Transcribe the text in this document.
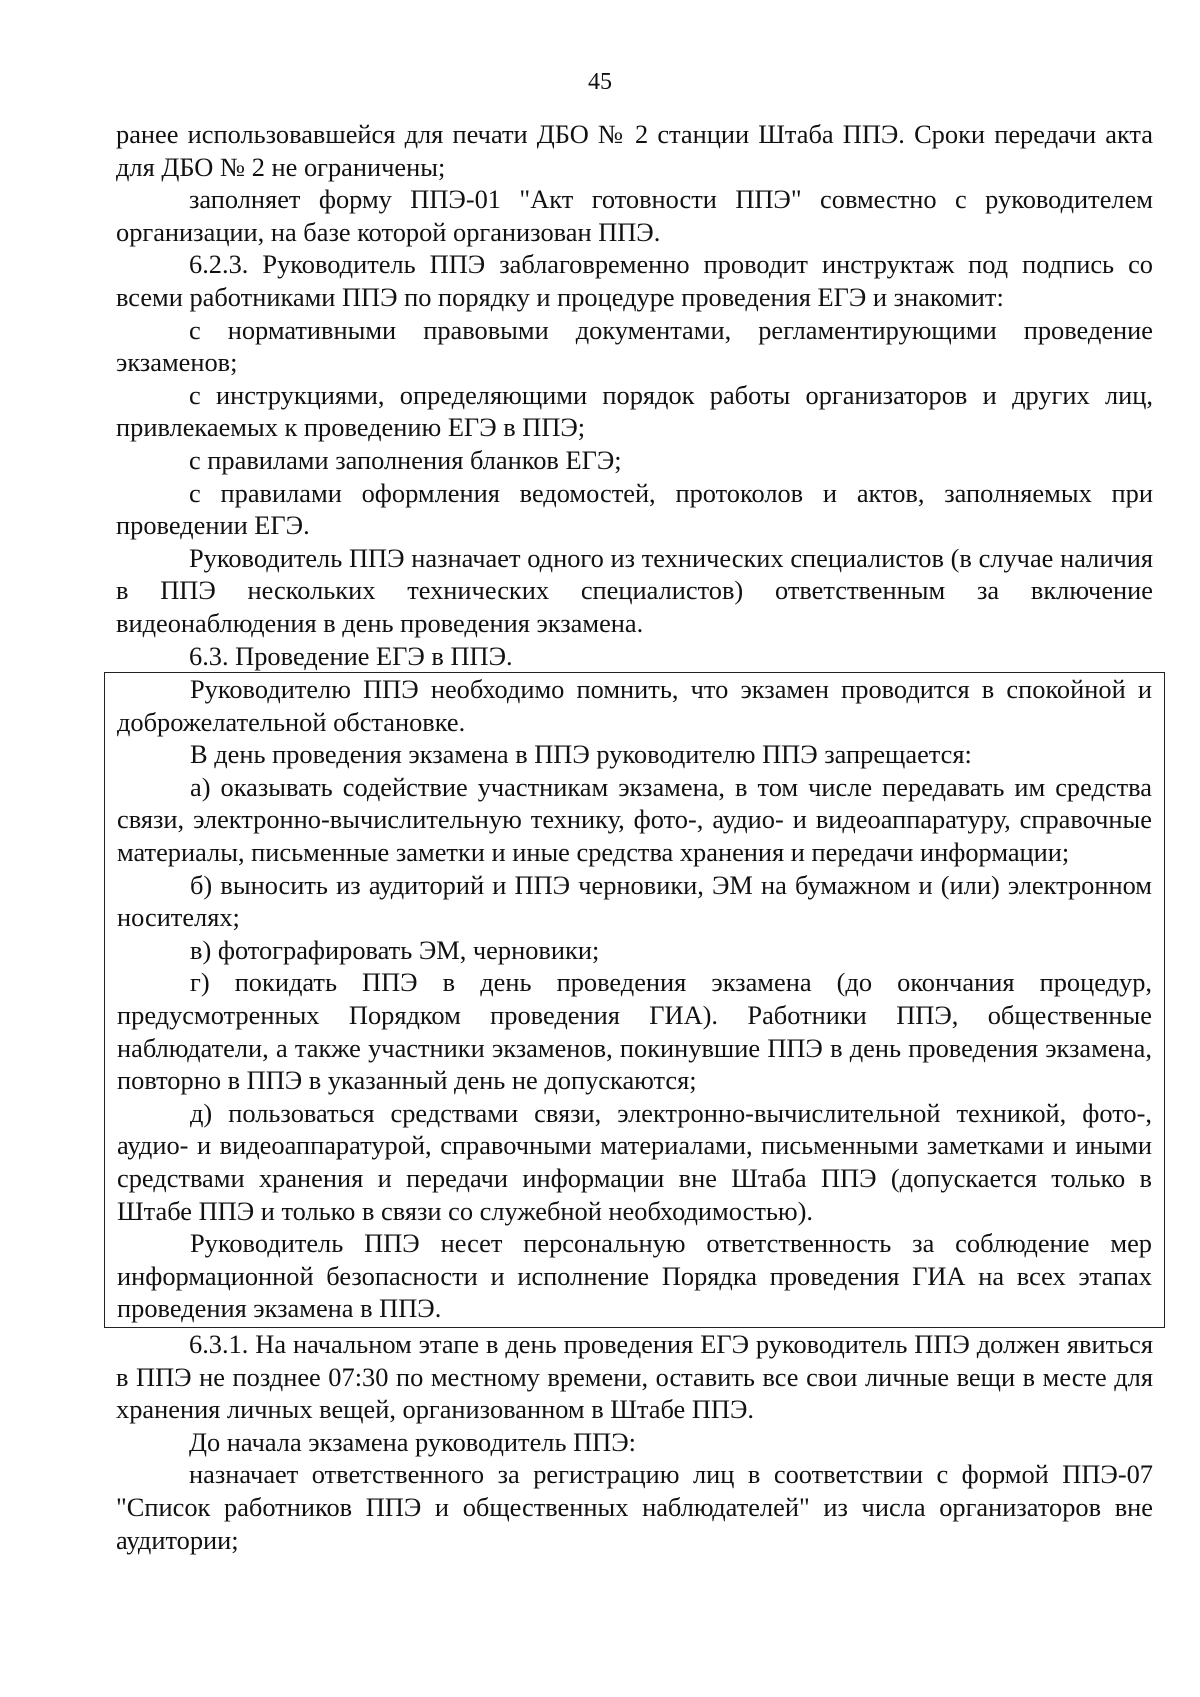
45

ранее использовавшейся для печати ДБО № 2 станции Штаба ППЭ. Сроки передачи акта для ДБО № 2 не ограничены;

заполняет форму ППЭ-01 "Акт готовности ППЭ" совместно с руководителем организации, на базе которой организован ППЭ.

6.2.3. Руководитель ППЭ заблаговременно проводит инструктаж под подпись со всеми работниками ППЭ по порядку и процедуре проведения ЕГЭ и знакомит:

с нормативными правовыми документами, регламентирующими проведение экзаменов;

с инструкциями, определяющими порядок работы организаторов и других лиц, привлекаемых к проведению ЕГЭ в ППЭ;

с правилами заполнения бланков ЕГЭ;

с правилами оформления ведомостей, протоколов и актов, заполняемых при проведении ЕГЭ.

Руководитель ППЭ назначает одного из технических специалистов (в случае наличия в ППЭ нескольких технических специалистов) ответственным за включение видеонаблюдения в день проведения экзамена.

6.3. Проведение ЕГЭ в ППЭ.

Руководителю ППЭ необходимо помнить, что экзамен проводится в спокойной и доброжелательной обстановке.

В день проведения экзамена в ППЭ руководителю ППЭ запрещается:

а) оказывать содействие участникам экзамена, в том числе передавать им средства связи, электронно-вычислительную технику, фото-, аудио- и видеоаппаратуру, справочные материалы, письменные заметки и иные средства хранения и передачи информации;

б) выносить из аудиторий и ППЭ черновики, ЭМ на бумажном и (или) электронном носителях;

в) фотографировать ЭМ, черновики;

г) покидать ППЭ в день проведения экзамена (до окончания процедур, предусмотренных Порядком проведения ГИА). Работники ППЭ, общественные наблюдатели, а также участники экзаменов, покинувшие ППЭ в день проведения экзамена, повторно в ППЭ в указанный день не допускаются;

д) пользоваться средствами связи, электронно-вычислительной техникой, фото-, аудио- и видеоаппаратурой, справочными материалами, письменными заметками и иными средствами хранения и передачи информации вне Штаба ППЭ (допускается только в Штабе ППЭ и только в связи со служебной необходимостью).

Руководитель ППЭ несет персональную ответственность за соблюдение мер информационной безопасности и исполнение Порядка проведения ГИА на всех этапах проведения экзамена в ППЭ.

6.3.1. На начальном этапе в день проведения ЕГЭ руководитель ППЭ должен явиться в ППЭ не позднее 07:30 по местному времени, оставить все свои личные вещи в месте для хранения личных вещей, организованном в Штабе ППЭ.

До начала экзамена руководитель ППЭ:

назначает ответственного за регистрацию лиц в соответствии с формой ППЭ-07 "Список работников ППЭ и общественных наблюдателей" из числа организаторов вне аудитории;
